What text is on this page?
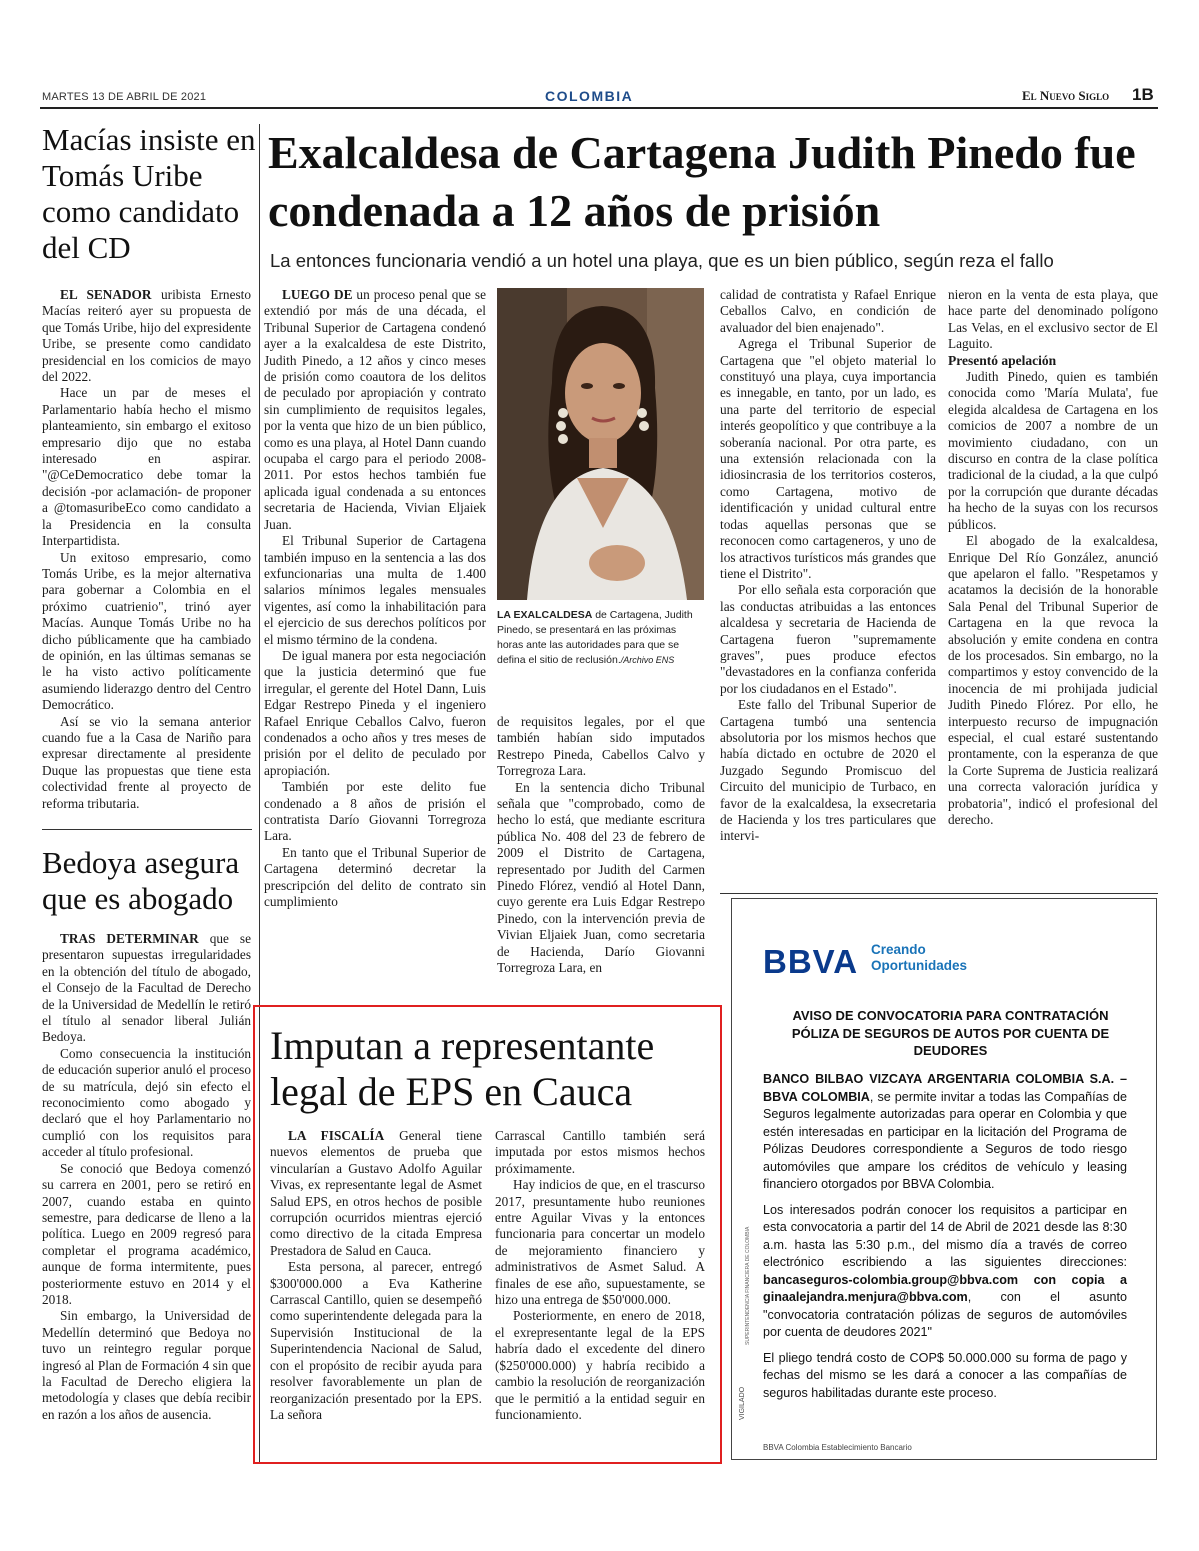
MARTES 13 DE ABRIL DE 2021	COLOMBIA	El Nuevo Siglo 1B
Macías insiste en Tomás Uribe como candidato del CD

EL SENADOR uribista Ernesto Macías reiteró ayer su propuesta de que Tomás Uribe, hijo del expresidente Uribe, se presente como candidato presidencial en los comicios de mayo del 2022.

Hace un par de meses el Parlamentario había hecho el mismo planteamiento, sin embargo el exitoso empresario dijo que no estaba interesado en aspirar. "@CeDemocratico debe tomar la decisión -por aclamación- de proponer a @tomasuribeEco como candidato a la Presidencia en la consulta Interpartidista.

Un exitoso empresario, como Tomás Uribe, es la mejor alternativa para gobernar a Colombia en el próximo cuatrienio", trinó ayer Macías. Aunque Tomás Uribe no ha dicho públicamente que ha cambiado de opinión, en las últimas semanas se le ha visto activo políticamente asumiendo liderazgo dentro del Centro Democrático.

Así se vio la semana anterior cuando fue a la Casa de Nariño para expresar directamente al presidente Duque las propuestas que tiene esta colectividad frente al proyecto de reforma tributaria.

Bedoya asegura que es abogado

TRAS DETERMINAR que se presentaron supuestas irregularidades en la obtención del título de abogado, el Consejo de la Facultad de Derecho de la Universidad de Medellín le retiró el título al senador liberal Julián Bedoya.

Como consecuencia la institución de educación superior anuló el proceso de su matrícula, dejó sin efecto el reconocimiento como abogado y declaró que el hoy Parlamentario no cumplió con los requisitos para acceder al título profesional.

Se conoció que Bedoya comenzó su carrera en 2001, pero se retiró en 2007, cuando estaba en quinto semestre, para dedicarse de lleno a la política. Luego en 2009 regresó para completar el programa académico, aunque de forma intermitente, pues posteriormente estuvo en 2014 y el 2018.

Sin embargo, la Universidad de Medellín determinó que Bedoya no tuvo un reintegro regular porque ingresó al Plan de Formación 4 sin que la Facultad de Derecho eligiera la metodología y clases que debía recibir en razón a los años de ausencia.

Exalcaldesa de Cartagena Judith Pinedo fue condenada a 12 años de prisión
La entonces funcionaria vendió a un hotel una playa, que es un bien público, según reza el fallo

LUEGO DE un proceso penal que se extendió por más de una década, el Tribunal Superior de Cartagena condenó ayer a la exalcaldesa de este Distrito, Judith Pinedo, a 12 años y cinco meses de prisión como coautora de los delitos de peculado por apropiación y contrato sin cumplimiento de requisitos legales, por la venta que hizo de un bien público, como es una playa, al Hotel Dann cuando ocupaba el cargo para el periodo 2008-2011. Por estos hechos también fue aplicada igual condenada a su entonces secretaria de Hacienda, Vivian Eljaiek Juan.

El Tribunal Superior de Cartagena también impuso en la sentencia a las dos exfuncionarias una multa de 1.400 salarios mínimos legales mensuales vigentes, así como la inhabilitación para el ejercicio de sus derechos políticos por el mismo término de la condena.

De igual manera por esta negociación que la justicia determinó que fue irregular, el gerente del Hotel Dann, Luis Edgar Restrepo Pineda y el ingeniero Rafael Enrique Ceballos Calvo, fueron condenados a ocho años y tres meses de prisión por el delito de peculado por apropiación.

También por este delito fue condenado a 8 años de prisión el contratista Darío Giovanni Torregroza Lara.

En tanto que el Tribunal Superior de Cartagena determinó decretar la prescripción del delito de contrato sin cumplimiento

LA EXALCALDESA de Cartagena, Judith Pinedo, se presentará en las próximas horas ante las autoridades para que se defina el sitio de reclusión./Archivo ENS

de requisitos legales, por el que también habían sido imputados Restrepo Pineda, Cabellos Calvo y Torregroza Lara.

En la sentencia dicho Tribunal señala que "comprobado, como de hecho lo está, que mediante escritura pública No. 408 del 23 de febrero de 2009 el Distrito de Cartagena, representado por Judith del Carmen Pinedo Flórez, vendió al Hotel Dann, cuyo gerente era Luis Edgar Restrepo Pinedo, con la intervención previa de Vivian Eljaiek Juan, como secretaria de Hacienda, Darío Giovanni Torregroza Lara, en

calidad de contratista y Rafael Enrique Ceballos Calvo, en condición de avaluador del bien enajenado".

Agrega el Tribunal Superior de Cartagena que "el objeto material lo constituyó una playa, cuya importancia es innegable, en tanto, por un lado, es una parte del territorio de especial interés geopolítico y que contribuye a la soberanía nacional. Por otra parte, es una extensión relacionada con la idiosincrasia de los territorios costeros, como Cartagena, motivo de identificación y unidad cultural entre todas aquellas personas que se reconocen como cartageneros, y uno de los atractivos turísticos más grandes que tiene el Distrito".

Por ello señala esta corporación que las conductas atribuidas a las entonces alcaldesa y secretaria de Hacienda de Cartagena fueron "supremamente graves", pues produce efectos "devastadores en la confianza conferida por los ciudadanos en el Estado".

Este fallo del Tribunal Superior de Cartagena tumbó una sentencia absolutoria por los mismos hechos que había dictado en octubre de 2020 el Juzgado Segundo Promiscuo del Circuito del municipio de Turbaco, en favor de la exalcaldesa, la exsecretaria de Hacienda y los tres particulares que intervi-

nieron en la venta de esta playa, que hace parte del denominado polígono Las Velas, en el exclusivo sector de El Laguito.

Presentó apelación

Judith Pinedo, quien es también conocida como 'María Mulata', fue elegida alcaldesa de Cartagena en los comicios de 2007 a nombre de un movimiento ciudadano, con un discurso en contra de la clase política tradicional de la ciudad, a la que culpó por la corrupción que durante décadas ha hecho de la suyas con los recursos públicos.

El abogado de la exalcaldesa, Enrique Del Río González, anunció que apelaron el fallo. "Respetamos y acatamos la decisión de la honorable Sala Penal del Tribunal Superior de Cartagena en la que revoca la absolución y emite condena en contra de los procesados. Sin embargo, no la compartimos y estoy convencido de la inocencia de mi prohijada judicial Judith Pinedo Flórez. Por ello, he interpuesto recurso de impugnación especial, el cual estaré sustentando prontamente, con la esperanza de que la Corte Suprema de Justicia realizará una correcta valoración jurídica y probatoria", indicó el profesional del derecho.

Imputan a representante legal de EPS en Cauca

LA FISCALÍA General tiene nuevos elementos de prueba que vincularían a Gustavo Adolfo Aguilar Vivas, ex representante legal de Asmet Salud EPS, en otros hechos de posible corrupción ocurridos mientras ejerció como directivo de la citada Empresa Prestadora de Salud en Cauca.

Esta persona, al parecer, entregó $300'000.000 a Eva Katherine Carrascal Cantillo, quien se desempeñó como superintendente delegada para la Supervisión Institucional de la Superintendencia Nacional de Salud, con el propósito de recibir ayuda para resolver favorablemente un plan de reorganización presentado por la EPS. La señora

Carrascal Cantillo también será imputada por estos mismos hechos próximamente.

Hay indicios de que, en el trascurso 2017, presuntamente hubo reuniones entre Aguilar Vivas y la entonces funcionaria para concertar un modelo de mejoramiento financiero y administrativos de Asmet Salud. A finales de ese año, supuestamente, se hizo una entrega de $50'000.000.

Posteriormente, en enero de 2018, el exrepresentante legal de la EPS habría dado el excedente del dinero ($250'000.000) y habría recibido a cambio la resolución de reorganización que le permitió a la entidad seguir en funcionamiento.

BBVA Creando
Oportunidades
AVISO DE CONVOCATORIA PARA CONTRATACIÓN PÓLIZA DE SEGUROS DE AUTOS POR CUENTA DE DEUDORES

BANCO BILBAO VIZCAYA ARGENTARIA COLOMBIA S.A. – BBVA COLOMBIA, se permite invitar a todas las Compañías de Seguros legalmente autorizadas para operar en Colombia y que estén interesadas en participar en la licitación del Programa de Pólizas Deudores correspondiente a Seguros de todo riesgo automóviles que ampare los créditos de vehículo y leasing financiero otorgados por BBVA Colombia.

Los interesados podrán conocer los requisitos a participar en esta convocatoria a partir del 14 de Abril de 2021 desde las 8:30 a.m. hasta las 5:30 p.m., del mismo día a través de correo electrónico escribiendo a las siguientes direcciones: bancaseguros-colombia.group@bbva.com con copia a ginaalejandra.menjura@bbva.com, con el asunto "convocatoria contratación pólizas de seguros de automóviles por cuenta de deudores 2021"

El pliego tendrá costo de COP$ 50.000.000 su forma de pago y fechas del mismo se les dará a conocer a las compañías de seguros habilitadas durante este proceso.

BBVA Colombia Establecimiento Bancario
VIGILADO
SUPERINTENDENCIA FINANCIERA DE COLOMBIA
